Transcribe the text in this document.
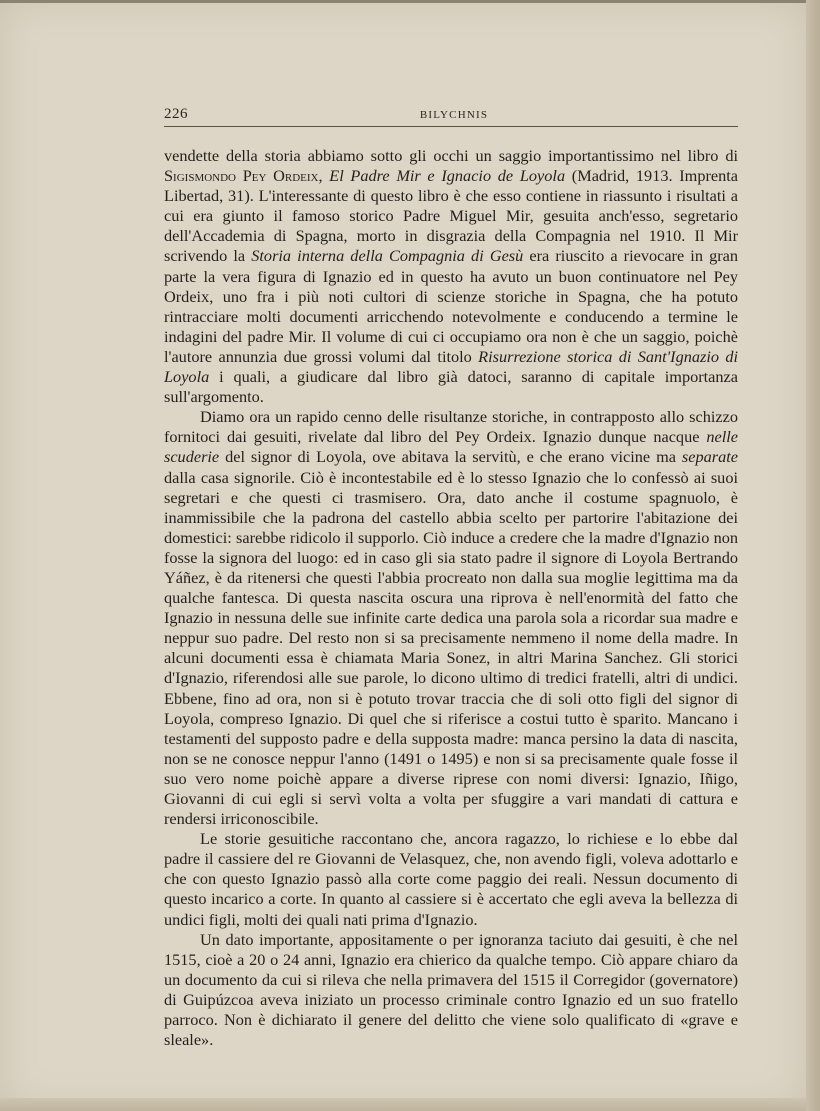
226	BILYCHNIS

vendette della storia abbiamo sotto gli occhi un saggio importantissimo nel libro di Sigismondo Pey Ordeix, El Padre Mir e Ignacio de Loyola (Madrid, 1913. Imprenta Libertad, 31). L'interessante di questo libro è che esso contiene in riassunto i risultati a cui era giunto il famoso storico Padre Miguel Mir, gesuita anch'esso, segretario dell'Accademia di Spagna, morto in disgrazia della Compagnia nel 1910. Il Mir scrivendo la Storia interna della Compagnia di Gesù era riuscito a rievocare in gran parte la vera figura di Ignazio ed in questo ha avuto un buon continuatore nel Pey Ordeix, uno fra i più noti cultori di scienze storiche in Spagna, che ha potuto rintracciare molti documenti arricchendo notevolmente e conducendo a termine le indagini del padre Mir. Il volume di cui ci occupiamo ora non è che un saggio, poichè l'autore annunzia due grossi volumi dal titolo Risurrezione storica di Sant'Ignazio di Loyola i quali, a giudicare dal libro già datoci, saranno di capitale importanza sull'argomento.

Diamo ora un rapido cenno delle risultanze storiche, in contrapposto allo schizzo fornitoci dai gesuiti, rivelate dal libro del Pey Ordeix. Ignazio dunque nacque nelle scuderie del signor di Loyola, ove abitava la servitù, e che erano vicine ma separate dalla casa signorile. Ciò è incontestabile ed è lo stesso Ignazio che lo confessò ai suoi segretari e che questi ci trasmisero. Ora, dato anche il costume spagnuolo, è inammissibile che la padrona del castello abbia scelto per partorire l'abitazione dei domestici: sarebbe ridicolo il supporlo. Ciò induce a credere che la madre d'Ignazio non fosse la signora del luogo: ed in caso gli sia stato padre il signore di Loyola Bertrando Yáñez, è da ritenersi che questi l'abbia procreato non dalla sua moglie legittima ma da qualche fantesca. Di questa nascita oscura una riprova è nell'enormità del fatto che Ignazio in nessuna delle sue infinite carte dedica una parola sola a ricordar sua madre e neppur suo padre. Del resto non si sa precisamente nemmeno il nome della madre. In alcuni documenti essa è chiamata Maria Sonez, in altri Marina Sanchez. Gli storici d'Ignazio, riferendosi alle sue parole, lo dicono ultimo di tredici fratelli, altri di undici. Ebbene, fino ad ora, non si è potuto trovar traccia che di soli otto figli del signor di Loyola, compreso Ignazio. Di quel che si riferisce a costui tutto è sparito. Mancano i testamenti del supposto padre e della supposta madre: manca persino la data di nascita, non se ne conosce neppur l'anno (1491 o 1495) e non si sa precisamente quale fosse il suo vero nome poichè appare a diverse riprese con nomi diversi: Ignazio, Iñigo, Giovanni di cui egli si servì volta a volta per sfuggire a vari mandati di cattura e rendersi irriconoscibile.

Le storie gesuitiche raccontano che, ancora ragazzo, lo richiese e lo ebbe dal padre il cassiere del re Giovanni de Velasquez, che, non avendo figli, voleva adottarlo e che con questo Ignazio passò alla corte come paggio dei reali. Nessun documento di questo incarico a corte. In quanto al cassiere si è accertato che egli aveva la bellezza di undici figli, molti dei quali nati prima d'Ignazio.

Un dato importante, appositamente o per ignoranza taciuto dai gesuiti, è che nel 1515, cioè a 20 o 24 anni, Ignazio era chierico da qualche tempo. Ciò appare chiaro da un documento da cui si rileva che nella primavera del 1515 il Corregidor (governatore) di Guipúzcoa aveva iniziato un processo criminale contro Ignazio ed un suo fratello parroco. Non è dichiarato il genere del delitto che viene solo qualificato di «grave e sleale».
